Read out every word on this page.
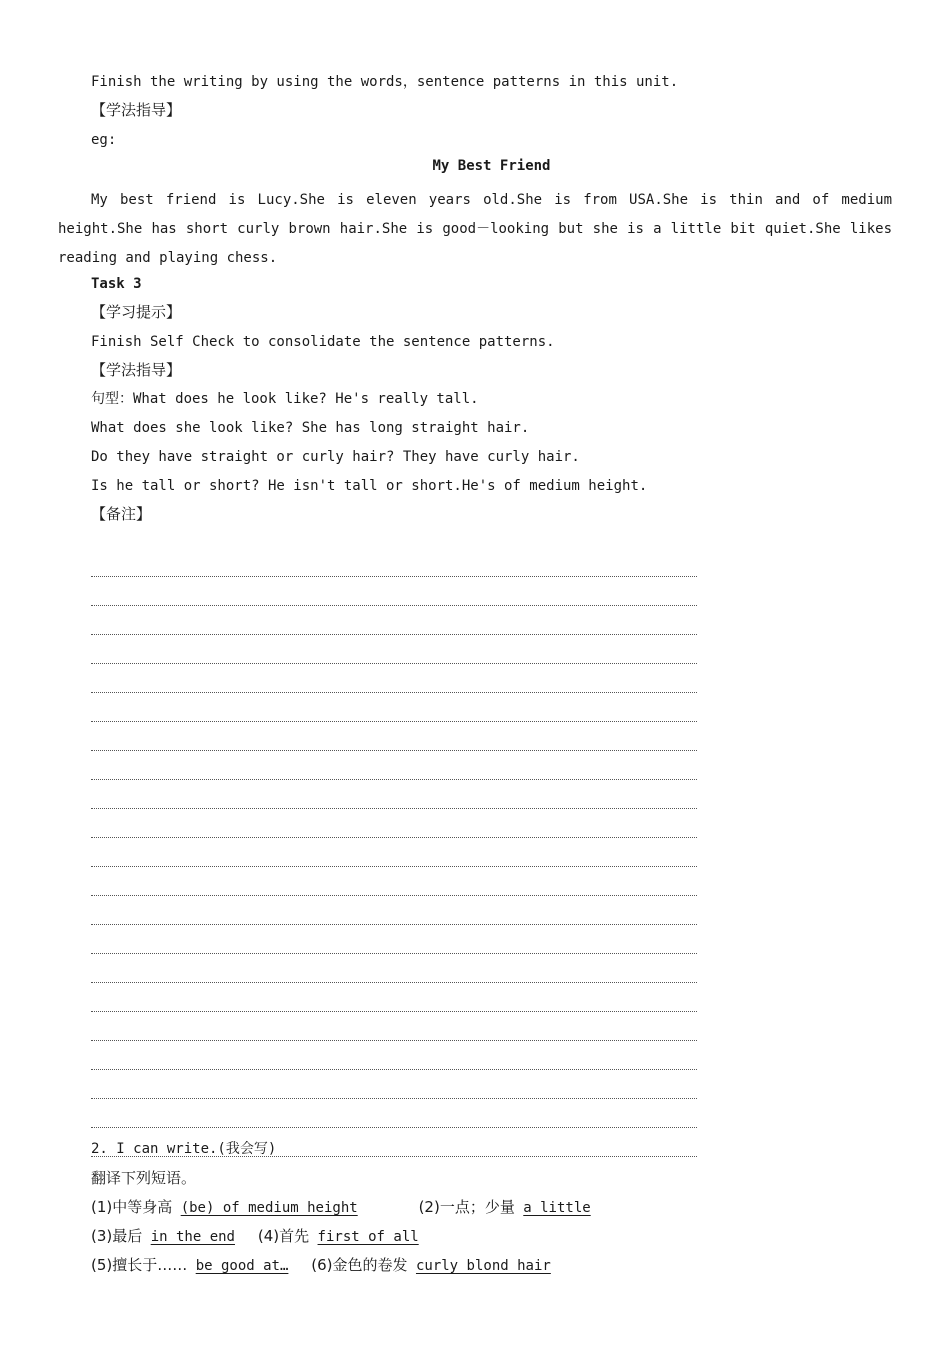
Finish the writing by using the words，sentence patterns in this unit.
【学法指导】
eg:
My Best Friend
My best friend is Lucy.She is eleven years old.She is from USA.She is thin and of medium height.She has short curly brown hair.She is good－looking but she is a little bit quiet.She likes reading and playing chess.
Task 3
【学习提示】
Finish Self Check to consolidate the sentence patterns.
【学法指导】
句型：What does he look like? He's really tall.
What does she look like? She has long straight hair.
Do they have straight or curly hair? They have curly hair.
Is he tall or short? He isn't tall or short.He's of medium height.
【备注】
2. I can write.(我会写)
翻译下列短语。
(1)中等身高 (be) of medium height	(2)一点；少量 a little
(3)最后 in the end (4)首先 first of all
(5)擅长于…… be good at… (6)金色的卷发 curly blond hair
